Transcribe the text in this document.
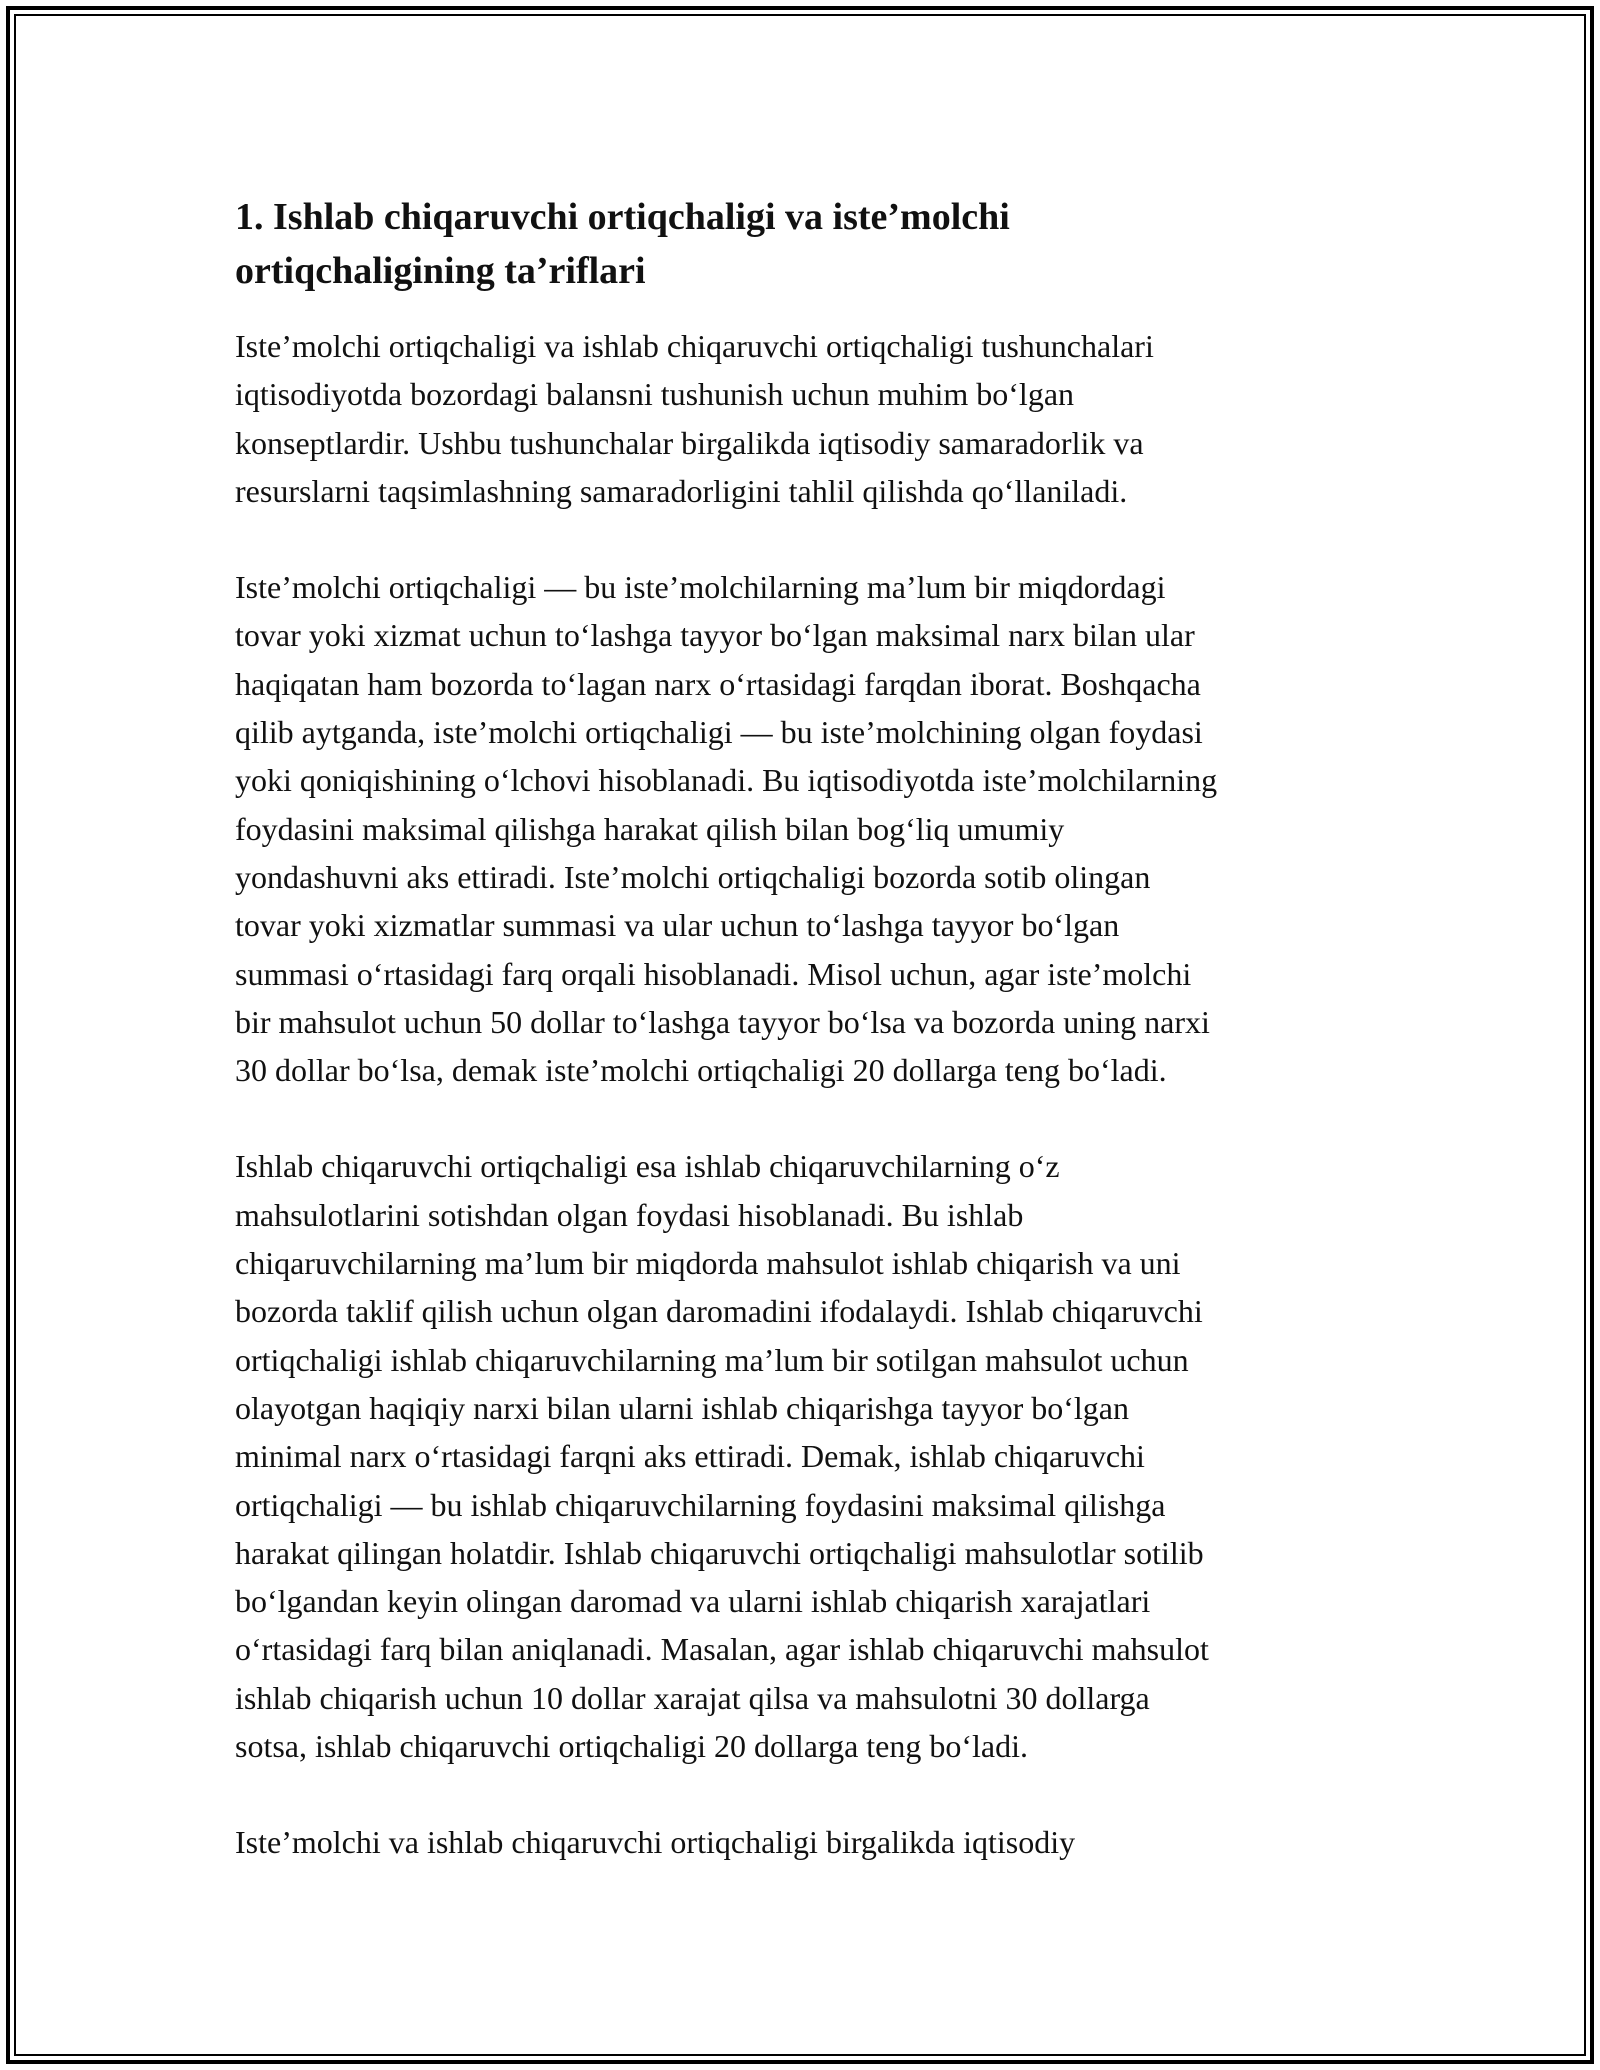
1. Ishlab chiqaruvchi ortiqchaligi va iste’molchi
ortiqchaligining ta’riflari

Iste’molchi ortiqchaligi va ishlab chiqaruvchi ortiqchaligi tushunchalari
iqtisodiyotda bozordagi balansni tushunish uchun muhim bo‘lgan
konseptlardir. Ushbu tushunchalar birgalikda iqtisodiy samaradorlik va
resurslarni taqsimlashning samaradorligini tahlil qilishda qo‘llaniladi.

Iste’molchi ortiqchaligi — bu iste’molchilarning ma’lum bir miqdordagi
tovar yoki xizmat uchun to‘lashga tayyor bo‘lgan maksimal narx bilan ular
haqiqatan ham bozorda to‘lagan narx o‘rtasidagi farqdan iborat. Boshqacha
qilib aytganda, iste’molchi ortiqchaligi — bu iste’molchining olgan foydasi
yoki qoniqishining o‘lchovi hisoblanadi. Bu iqtisodiyotda iste’molchilarning
foydasini maksimal qilishga harakat qilish bilan bog‘liq umumiy
yondashuvni aks ettiradi. Iste’molchi ortiqchaligi bozorda sotib olingan
tovar yoki xizmatlar summasi va ular uchun to‘lashga tayyor bo‘lgan
summasi o‘rtasidagi farq orqali hisoblanadi. Misol uchun, agar iste’molchi
bir mahsulot uchun 50 dollar to‘lashga tayyor bo‘lsa va bozorda uning narxi
30 dollar bo‘lsa, demak iste’molchi ortiqchaligi 20 dollarga teng bo‘ladi.

Ishlab chiqaruvchi ortiqchaligi esa ishlab chiqaruvchilarning o‘z
mahsulotlarini sotishdan olgan foydasi hisoblanadi. Bu ishlab
chiqaruvchilarning ma’lum bir miqdorda mahsulot ishlab chiqarish va uni
bozorda taklif qilish uchun olgan daromadini ifodalaydi. Ishlab chiqaruvchi
ortiqchaligi ishlab chiqaruvchilarning ma’lum bir sotilgan mahsulot uchun
olayotgan haqiqiy narxi bilan ularni ishlab chiqarishga tayyor bo‘lgan
minimal narx o‘rtasidagi farqni aks ettiradi. Demak, ishlab chiqaruvchi
ortiqchaligi — bu ishlab chiqaruvchilarning foydasini maksimal qilishga
harakat qilingan holatdir. Ishlab chiqaruvchi ortiqchaligi mahsulotlar sotilib
bo‘lgandan keyin olingan daromad va ularni ishlab chiqarish xarajatlari
o‘rtasidagi farq bilan aniqlanadi. Masalan, agar ishlab chiqaruvchi mahsulot
ishlab chiqarish uchun 10 dollar xarajat qilsa va mahsulotni 30 dollarga
sotsa, ishlab chiqaruvchi ortiqchaligi 20 dollarga teng bo‘ladi.

Iste’molchi va ishlab chiqaruvchi ortiqchaligi birgalikda iqtisodiy
